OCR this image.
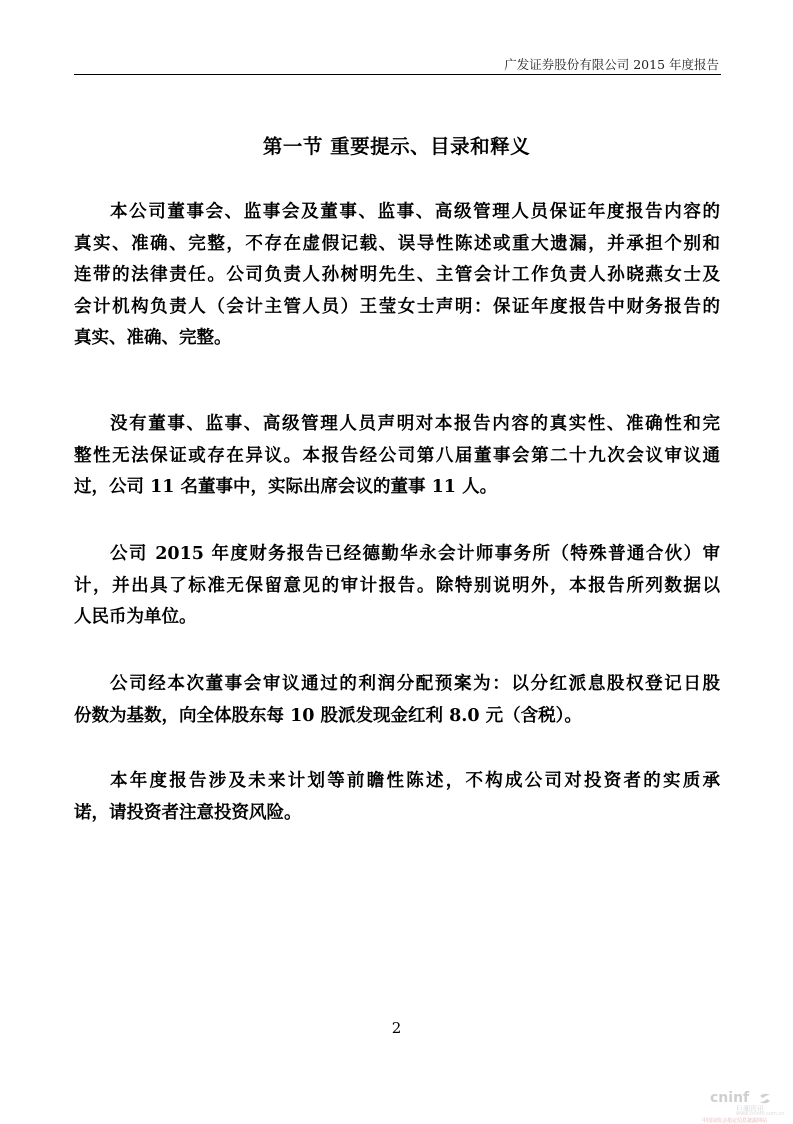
广发证券股份有限公司 2015 年度报告
第一节 重要提示、目录和释义
本公司董事会、监事会及董事、监事、高级管理人员保证年度报告内容的
真实、准确、完整，不存在虚假记载、误导性陈述或重大遗漏，并承担个别和
连带的法律责任。公司负责人孙树明先生、主管会计工作负责人孙晓燕女士及
会计机构负责人（会计主管人员）王莹女士声明：保证年度报告中财务报告的
真实、准确、完整。
没有董事、监事、高级管理人员声明对本报告内容的真实性、准确性和完
整性无法保证或存在异议。本报告经公司第八届董事会第二十九次会议审议通
过，公司 11 名董事中，实际出席会议的董事 11 人。
公司 2015 年度财务报告已经德勤华永会计师事务所（特殊普通合伙）审
计，并出具了标准无保留意见的审计报告。除特别说明外，本报告所列数据以
人民币为单位。
公司经本次董事会审议通过的利润分配预案为：以分红派息股权登记日股
份数为基数，向全体股东每 10 股派发现金红利 8.0 元（含税）。
本年度报告涉及未来计划等前瞻性陈述，不构成公司对投资者的实质承
诺，请投资者注意投资风险。
2
cninf
巨潮资讯
www.cninfo.com.cn
中国证监会指定信息披露网站
